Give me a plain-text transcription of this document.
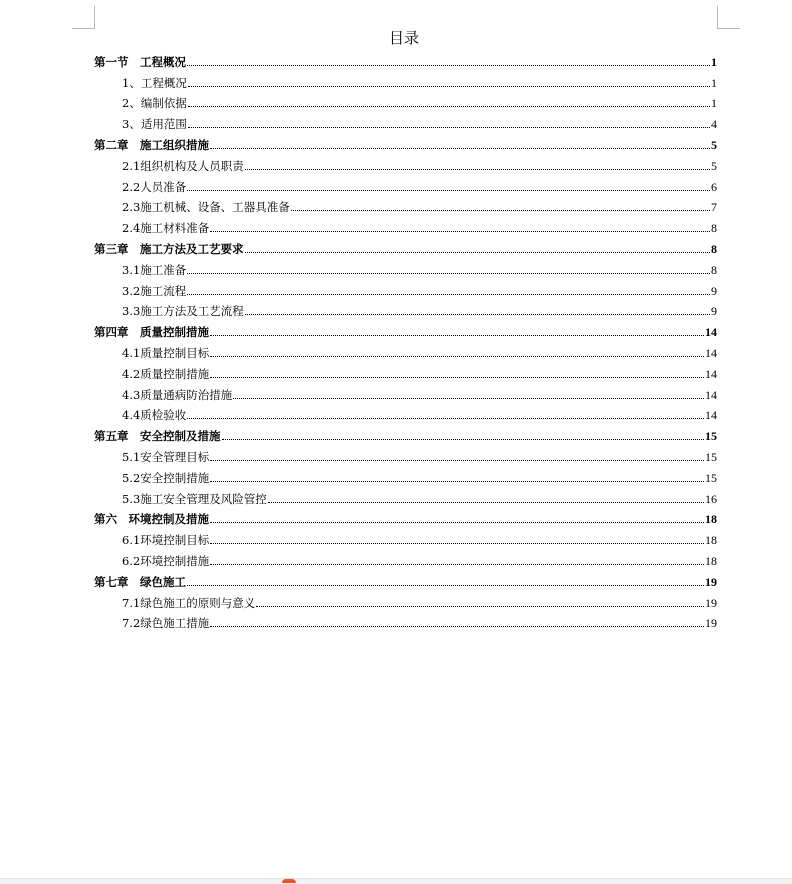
目录
第一节　工程概况	1
1、工程概况	1
2、编制依据	1
3、适用范围	4
第二章　施工组织措施	5
2.1组织机构及人员职责	5
2.2人员准备	6
2.3施工机械、设备、工器具准备	7
2.4施工材料准备	8
第三章　施工方法及工艺要求	8
3.1施工准备	8
3.2施工流程	9
3.3施工方法及工艺流程	9
第四章　质量控制措施	14
4.1质量控制目标	14
4.2质量控制措施	14
4.3质量通病防治措施	14
4.4质检验收	14
第五章　安全控制及措施	15
5.1安全管理目标	15
5.2安全控制措施	15
5.3施工安全管理及风险管控	16
第六　环境控制及措施	18
6.1环境控制目标	18
6.2环境控制措施	18
第七章　绿色施工	19
7.1绿色施工的原则与意义	19
7.2绿色施工措施	19
